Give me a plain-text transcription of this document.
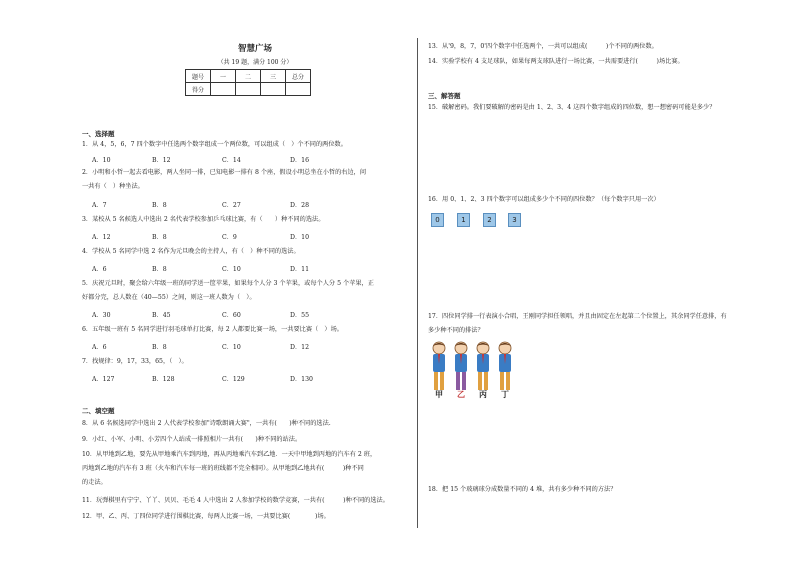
智慧广场
（共 19 题，满分 100 分）
题号	一	二	三	总分
得分				
一、选择题
1．从 4，5，6，7 四个数字中任选两个数字组成一个两位数，可以组成（　）个不同的两位数。
A．10	B．12	C．14	D．16
2．小明和小哲一起去看电影，两人坐同一排，已知电影一排有 8 个座，假设小明总坐在小哲的右边，问
一共有（　）种坐法。
A．7	B．8	C．27	D．28
3．某校从 5 名候选人中选出 2 名代表学校参加乒乓球比赛，有（　　）种不同的选法。
A．12	B．8	C．9	D．10
4．学校从 5 名同学中选 2 名作为元旦晚会的主持人，有（　）种不同的选法。
A．6	B．8	C．10	D．11
5．庆祝元旦时，聚会给六年级一班的同学送一筐苹果，如果每个人分 3 个苹果，或每个人分 5 个苹果，正
好都分完，总人数在（40—55）之间，则这一班人数为（　）。
A．30	B．45	C．60	D．55
6．五年级一班有 5 名同学进行羽毛球单打比赛，每 2 人都要比赛一场，一共要比赛（　）场。
A．6	B．8	C．10	D．12
7．找规律：9，17，33，65，（　）。
A．127	B．128	C．129	D．130
二、填空题
8．从 6 名候选同学中选出 2 人代表学校参加"诗歌朗诵大赛"，一共有(　　)种不同的选法.
9．小红、小军、小明、小芳四个人站成一排照相片一共有(　　)种不同的站法。
10．从甲地到乙地，要先从甲地乘汽车到丙地，再从丙地乘汽车到乙地．一天中甲地到丙地的汽车有 2 班，
丙地到乙地的汽车有 3 班（火车和汽车每一班的班线都不完全相同）。从甲地到乙地共有(　　　)种不同
的走法。
11．玩弹棋里有宁宁、丫丫、贝贝、毛毛 4 人中选出 2 人参加学校的数学竞赛，一共有(　　　)种不同的选法。
12．甲、乙、丙、丁四位同学进行围棋比赛，每两人比赛一场，一共要比赛(　　　　)场。
13．从'9，8，7，0'四个数字中任选两个，一共可以组成(　　　)个不同的两位数。
14．实验学校有 4 支足球队，如果每两支球队进行一场比赛，一共需要进行(　　　)场比赛。
三、解答题
15．破解密码。我们要破解的密码是由 1、2、3、4 这四个数字组成的四位数，想一想密码可能是多少？
16．用 0、1、2、3 四个数字可以组成多少个不同的四位数？（每个数字只用一次）
0	1	2	3
17．四位同学排一行表演小合唱，王刚同学担任领唱，并且由固定在左起第二个位置上，其余同学任意排，有
多少种不同的排法？
甲 乙 丙 丁
18．把 15 个玻璃球分成数量不同的 4 堆，共有多少种不同的方法？
